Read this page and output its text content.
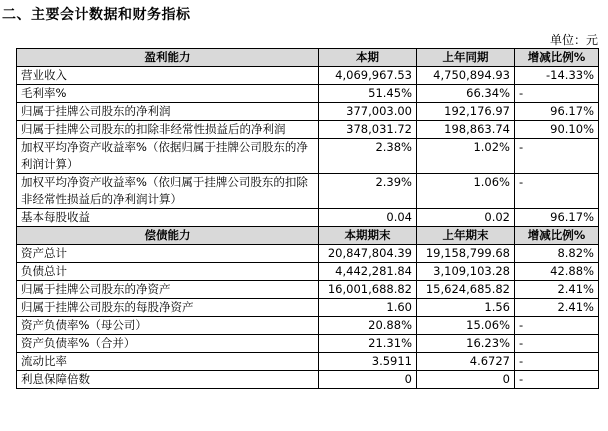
二、主要会计数据和财务指标
单位：元
盈利能力	本期	上年同期	增减比例%
营业收入	4,069,967.53	4,750,894.93	-14.33%
毛利率%	51.45%	66.34%	-
归属于挂牌公司股东的净利润	377,003.00	192,176.97	96.17%
归属于挂牌公司股东的扣除非经常性损益后的净利润	378,031.72	198,863.74	90.10%
加权平均净资产收益率%（依据归属于挂牌公司股东的净利润计算）	2.38%	1.02%	-
加权平均净资产收益率%（依归属于挂牌公司股东的扣除非经常性损益后的净利润计算）	2.39%	1.06%	-
基本每股收益	0.04	0.02	96.17%
偿债能力	本期期末	上年期末	增减比例%
资产总计	20,847,804.39	19,158,799.68	8.82%
负债总计	4,442,281.84	3,109,103.28	42.88%
归属于挂牌公司股东的净资产	16,001,688.82	15,624,685.82	2.41%
归属于挂牌公司股东的每股净资产	1.60	1.56	2.41%
资产负债率%（母公司）	20.88%	15.06%	-
资产负债率%（合并）	21.31%	16.23%	-
流动比率	3.5911	4.6727	-
利息保障倍数	0	0	-
